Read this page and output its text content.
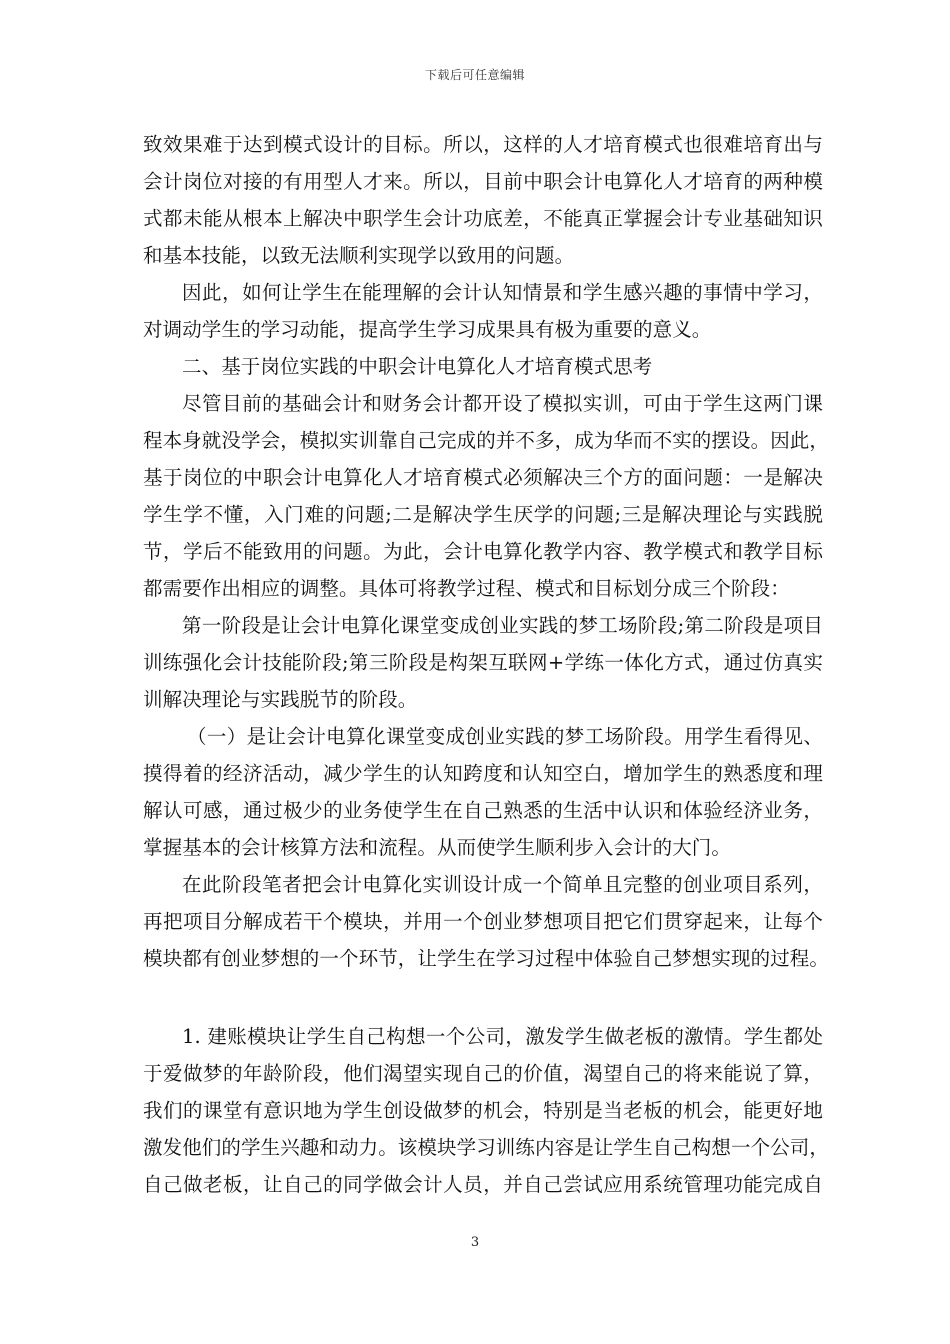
下载后可任意编辑
致效果难于达到模式设计的目标。所以，这样的人才培育模式也很难培育出与
会计岗位对接的有用型人才来。所以，目前中职会计电算化人才培育的两种模
式都未能从根本上解决中职学生会计功底差，不能真正掌握会计专业基础知识
和基本技能，以致无法顺利实现学以致用的问题。
因此，如何让学生在能理解的会计认知情景和学生感兴趣的事情中学习，
对调动学生的学习动能，提高学生学习成果具有极为重要的意义。
二、基于岗位实践的中职会计电算化人才培育模式思考
尽管目前的基础会计和财务会计都开设了模拟实训，可由于学生这两门课
程本身就没学会，模拟实训靠自己完成的并不多，成为华而不实的摆设。因此，
基于岗位的中职会计电算化人才培育模式必须解决三个方的面问题：一是解决
学生学不懂，入门难的问题;二是解决学生厌学的问题;三是解决理论与实践脱
节，学后不能致用的问题。为此，会计电算化教学内容、教学模式和教学目标
都需要作出相应的调整。具体可将教学过程、模式和目标划分成三个阶段：
第一阶段是让会计电算化课堂变成创业实践的梦工场阶段;第二阶段是项目
训练强化会计技能阶段;第三阶段是构架互联网+学练一体化方式，通过仿真实
训解决理论与实践脱节的阶段。
（一）是让会计电算化课堂变成创业实践的梦工场阶段。用学生看得见、
摸得着的经济活动，减少学生的认知跨度和认知空白，增加学生的熟悉度和理
解认可感，通过极少的业务使学生在自己熟悉的生活中认识和体验经济业务，
掌握基本的会计核算方法和流程。从而使学生顺利步入会计的大门。
在此阶段笔者把会计电算化实训设计成一个简单且完整的创业项目系列，
再把项目分解成若干个模块，并用一个创业梦想项目把它们贯穿起来，让每个
模块都有创业梦想的一个环节，让学生在学习过程中体验自己梦想实现的过程。
1. 建账模块让学生自己构想一个公司，激发学生做老板的激情。学生都处
于爱做梦的年龄阶段，他们渴望实现自己的价值，渴望自己的将来能说了算，
我们的课堂有意识地为学生创设做梦的机会，特别是当老板的机会，能更好地
激发他们的学生兴趣和动力。该模块学习训练内容是让学生自己构想一个公司，
自己做老板，让自己的同学做会计人员，并自己尝试应用系统管理功能完成自
3
